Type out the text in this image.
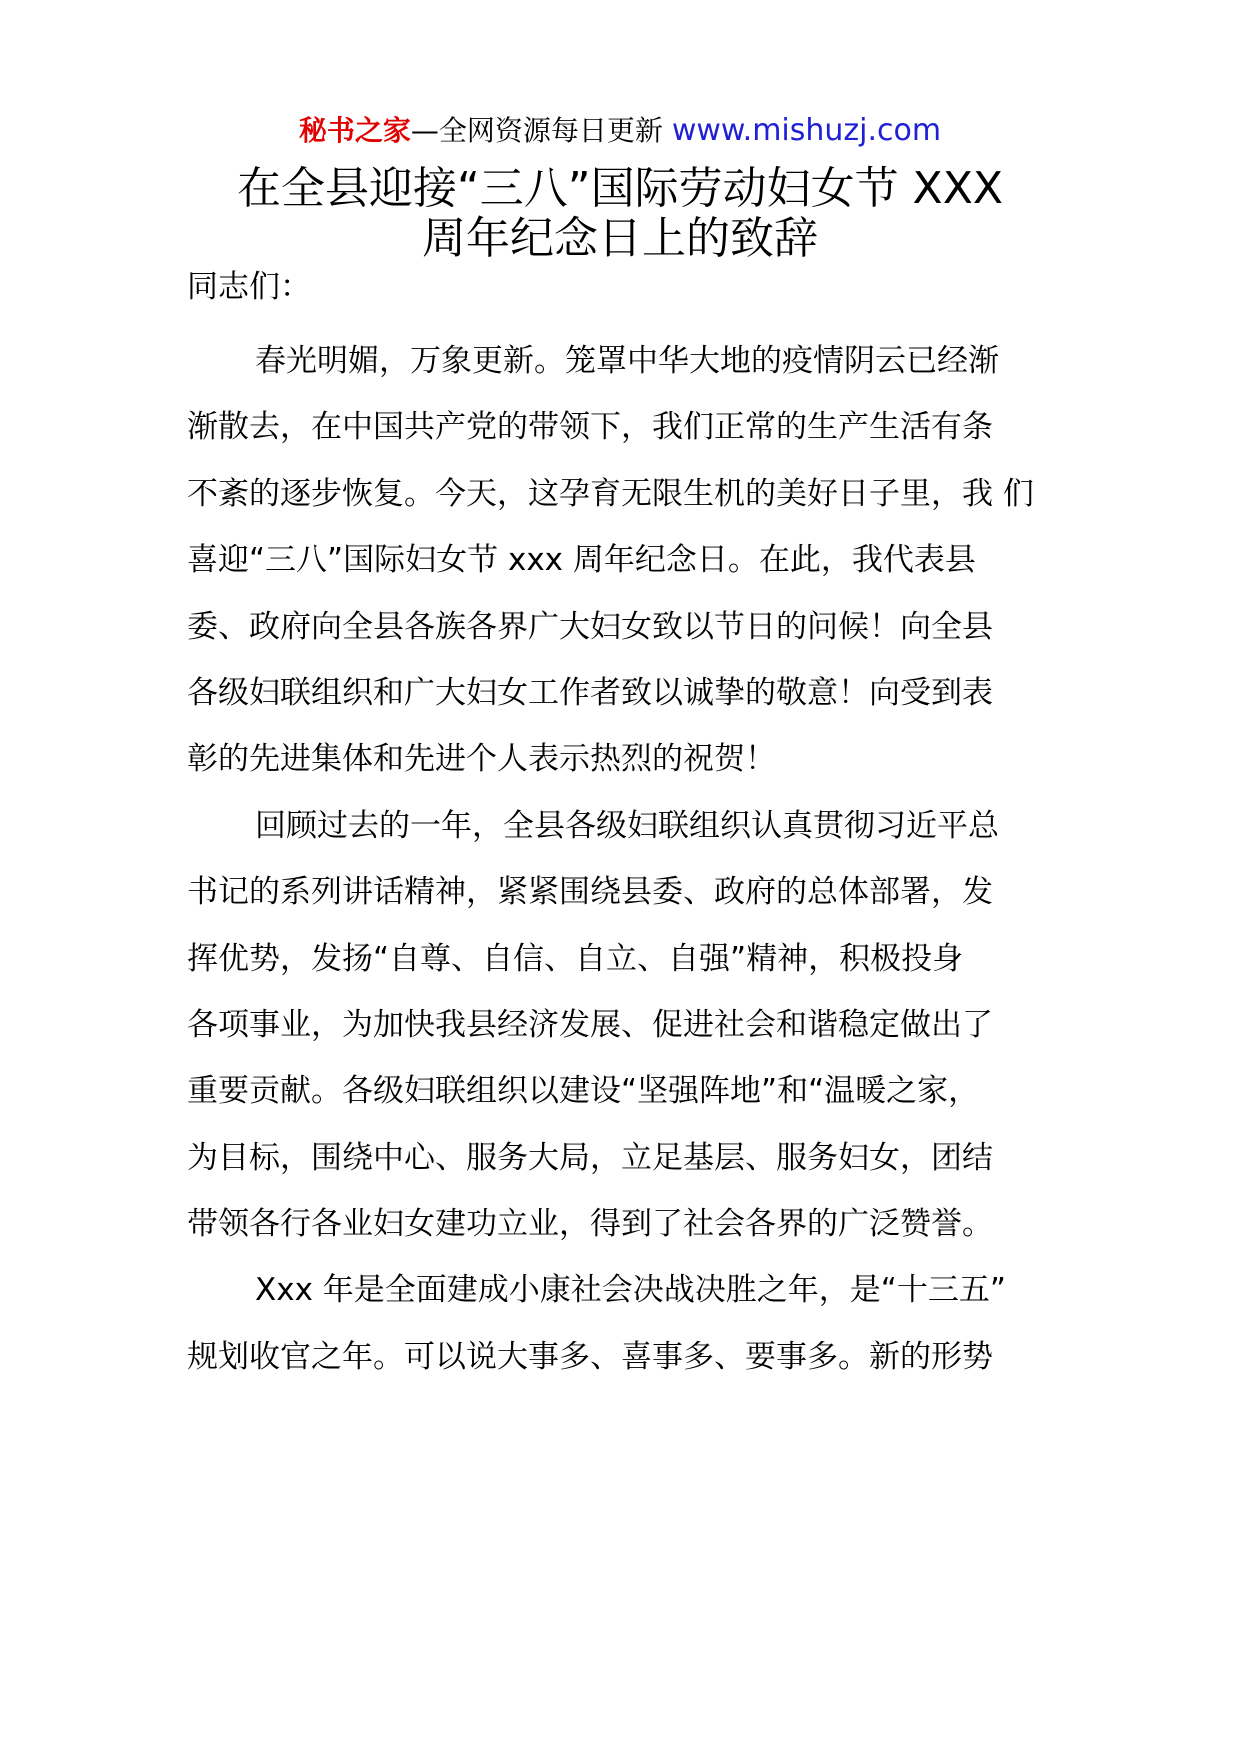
秘书之家—全网资源每日更新 www.mishuzj.com
在全县迎接“三八”国际劳动妇女节 XXX
周年纪念日上的致辞

同志们：

春光明媚，万象更新。笼罩中华大地的疫情阴云已经渐
渐散去，在中国共产党的带领下，我们正常的生产生活有条
不紊的逐步恢复。今天，这孕育无限生机的美好日子里，我 们
喜迎“三八”国际妇女节 xxx 周年纪念日。在此，我代表县
委、政府向全县各族各界广大妇女致以节日的问候！向全县
各级妇联组织和广大妇女工作者致以诚挚的敬意！向受到表
彰的先进集体和先进个人表示热烈的祝贺！
回顾过去的一年，全县各级妇联组织认真贯彻习近平总
书记的系列讲话精神，紧紧围绕县委、政府的总体部署，发
挥优势，发扬“自尊、自信、自立、自强”精神，积极投身
各项事业，为加快我县经济发展、促进社会和谐稳定做出了
重要贡献。各级妇联组织以建设“坚强阵地”和“温暖之家，
为目标，围绕中心、服务大局，立足基层、服务妇女，团结
带领各行各业妇女建功立业，得到了社会各界的广泛赞誉。
Xxx 年是全面建成小康社会决战决胜之年，是“十三五”
规划收官之年。可以说大事多、喜事多、要事多。新的形势
